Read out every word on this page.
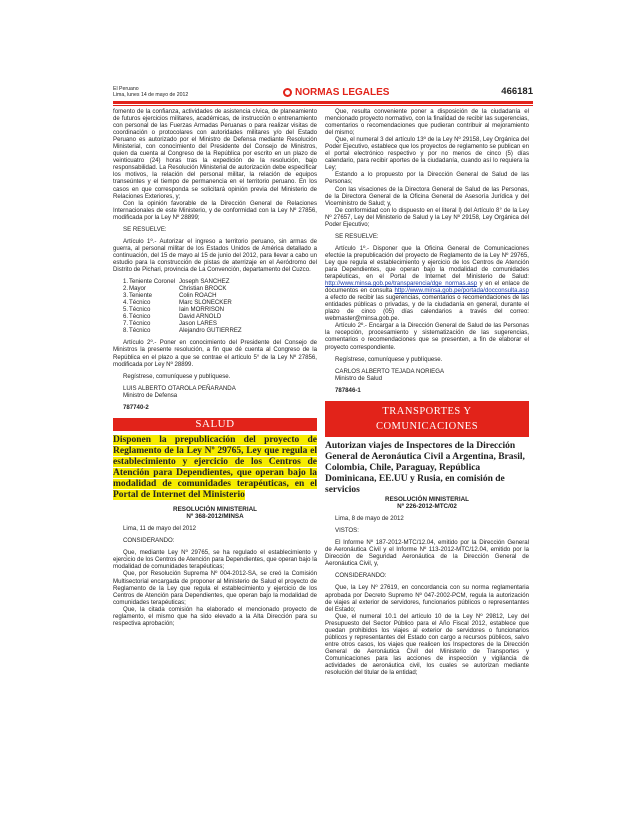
El Peruano
Lima, lunes 14 de mayo de 2012	NORMAS LEGALES	466181

fomento de la confianza, actividades de asistencia cívica, de planeamiento de futuros ejercicios militares, académicas, de instrucción o entrenamiento con personal de las Fuerzas Armadas Peruanas o para realizar visitas de coordinación o protocolares con autoridades militares y/o del Estado Peruano es autorizado por el Ministro de Defensa mediante Resolución Ministerial, con conocimiento del Presidente del Consejo de Ministros, quien da cuenta al Congreso de la República por escrito en un plazo de veinticuatro (24) horas tras la expedición de la resolución, bajo responsabilidad. La Resolución Ministerial de autorización debe especificar los motivos, la relación del personal militar, la relación de equipos transeúntes y el tiempo de permanencia en el territorio peruano. En los casos en que corresponda se solicitará opinión previa del Ministerio de Relaciones Exteriores, y;

Con la opinión favorable de la Dirección General de Relaciones Internacionales de este Ministerio, y de conformidad con la Ley Nº 27856, modificada por la Ley Nº 28899;

SE RESUELVE:

Artículo 1º.- Autorizar el ingreso a territorio peruano, sin armas de guerra, al personal militar de los Estados Unidos de América detallado a continuación, del 15 de mayo al 15 de junio del 2012, para llevar a cabo un estudio para la construcción de pistas de aterrizaje en el Aeródromo del Distrito de Pichari, provincia de La Convención, departamento del Cuzco.

1. Teniente Coronel Joseph SANCHEZ
2. Mayor	Christian BROCK
3. Teniente	Colin ROACH
4. Técnico	Marc SLONECKER
5. Técnico	Iain MORRISON
6. Técnico	David ARNOLD
7. Técnico	Jason LARES
8. Técnico	Alejandro GUTIERREZ

Artículo 2º.- Poner en conocimiento del Presidente del Consejo de Ministros la presente resolución, a fin que dé cuenta al Congreso de la República en el plazo a que se contrae el artículo 5° de la Ley Nº 27856, modificada por Ley Nº 28899.

Regístrese, comuníquese y publíquese.

LUIS ALBERTO OTAROLA PEÑARANDA

Ministro de Defensa

787740-2

SALUD

Disponen la prepublicación del proyecto de Reglamento de la Ley Nº 29765, Ley que regula el establecimiento y ejercicio de los Centros de Atención para Dependientes, que operan bajo la modalidad de comunidades terapéuticas, en el Portal de Internet del Ministerio

RESOLUCIÓN MINISTERIAL

Nº 368-2012/MINSA

Lima, 11 de mayo del 2012

CONSIDERANDO:

Que, mediante Ley Nº 29765, se ha regulado el establecimiento y ejercicio de los Centros de Atención para Dependientes, que operan bajo la modalidad de comunidades terapéuticas;

Que, por Resolución Suprema Nº 004-2012-SA, se creó la Comisión Multisectorial encargada de proponer al Ministerio de Salud el proyecto de Reglamento de la Ley que regula el establecimiento y ejercicio de los Centros de Atención para Dependientes, que operan bajo la modalidad de comunidades terapéuticas;

Que, la citada comisión ha elaborado el mencionado proyecto de reglamento, el mismo que ha sido elevado a la Alta Dirección para su respectiva aprobación;

Que, resulta conveniente poner a disposición de la ciudadanía el mencionado proyecto normativo, con la finalidad de recibir las sugerencias, comentarios o recomendaciones que pudieran contribuir al mejoramiento del mismo;

Que, el numeral 3 del artículo 13º de la Ley Nº 29158, Ley Orgánica del Poder Ejecutivo, establece que los proyectos de reglamento se publican en el portal electrónico respectivo y por no menos de cinco (5) días calendario, para recibir aportes de la ciudadanía, cuando así lo requiera la Ley;

Estando a lo propuesto por la Dirección General de Salud de las Personas;

Con las visaciones de la Directora General de Salud de las Personas, de la Directora General de la Oficina General de Asesoría Jurídica y del Viceministro de Salud; y,

De conformidad con lo dispuesto en el literal l) del Artículo 8° de la Ley Nº 27657, Ley del Ministerio de Salud y la Ley Nº 29158, Ley Orgánica del Poder Ejecutivo;

SE RESUELVE:

Artículo 1º.- Disponer que la Oficina General de Comunicaciones efectúe la prepublicación del proyecto de Reglamento de la Ley Nº 29765, Ley que regula el establecimiento y ejercicio de los Centros de Atención para Dependientes, que operan bajo la modalidad de comunidades terapéuticas, en el Portal de Internet del Ministerio de Salud: http://www.minsa.gob.pe/transparencia/dge_normas.asp y en el enlace de documentos en consulta http://www.minsa.gob.pe/portada/docconsulta.asp a efecto de recibir las sugerencias, comentarios o recomendaciones de las entidades públicas o privadas, y de la ciudadanía en general, durante el plazo de cinco (05) días calendarios a través del correo: webmaster@minsa.gob.pe.

Artículo 2º.- Encargar a la Dirección General de Salud de las Personas la recepción, procesamiento y sistematización de las sugerencias, comentarios o recomendaciones que se presenten, a fin de elaborar el proyecto correspondiente.

Regístrese, comuníquese y publíquese.

CARLOS ALBERTO TEJADA NORIEGA

Ministro de Salud

787846-1

TRANSPORTES Y
COMUNICACIONES

Autorizan viajes de Inspectores de la Dirección General de Aeronáutica Civil a Argentina, Brasil, Colombia, Chile, Paraguay, República Dominicana, EE.UU y Rusia, en comisión de servicios

RESOLUCIÓN MINISTERIAL

Nº 226-2012-MTC/02

Lima, 8 de mayo de 2012

VISTOS:

El Informe Nº 187-2012-MTC/12.04, emitido por la Dirección General de Aeronáutica Civil y el Informe Nº 113-2012-MTC/12.04, emitido por la Dirección de Seguridad Aeronáutica de la Dirección General de Aeronáutica Civil, y,

CONSIDERANDO:

Que, la Ley Nº 27619, en concordancia con su norma reglamentaria aprobada por Decreto Supremo Nº 047-2002-PCM, regula la autorización de viajes al exterior de servidores, funcionarios públicos o representantes del Estado;

Que, el numeral 10.1 del artículo 10 de la Ley Nº 29812, Ley del Presupuesto del Sector Público para el Año Fiscal 2012, establece que quedan prohibidos los viajes al exterior de servidores o funcionarios públicos y representantes del Estado con cargo a recursos públicos, salvo entre otros casos, los viajes que realicen los Inspectores de la Dirección General de Aeronáutica Civil del Ministerio de Transportes y Comunicaciones para las acciones de inspección y vigilancia de actividades de aeronáutica civil, los cuales se autorizan mediante resolución del titular de la entidad;
